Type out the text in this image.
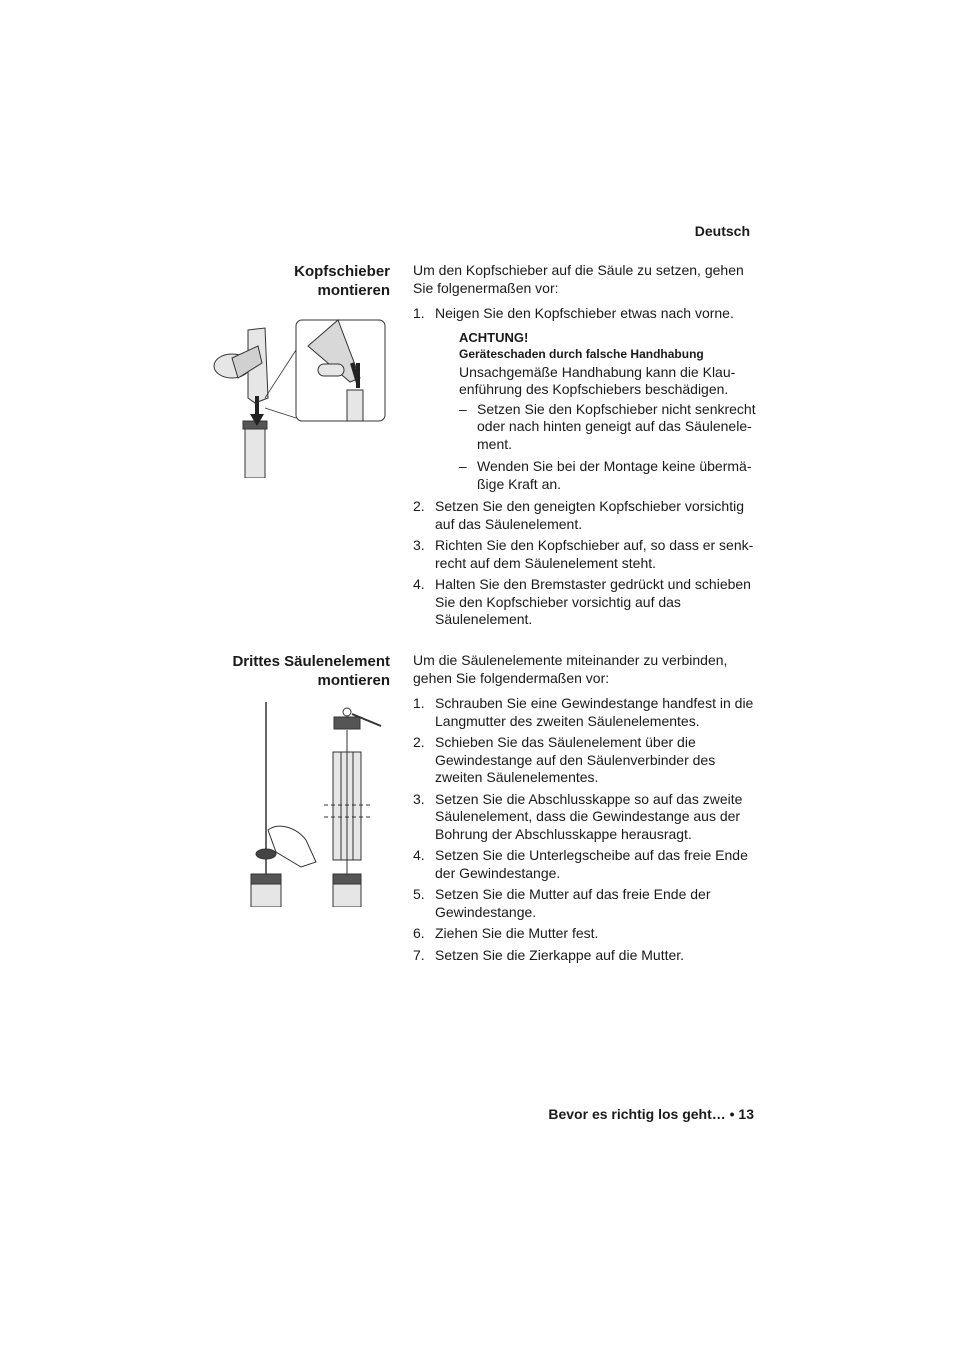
Deutsch
Kopfschieber
montieren

Um den Kopfschieber auf die Säule zu setzen, gehen Sie folgenermaßen vor:

1. Neigen Sie den Kopfschieber etwas nach vorne.
ACHTUNG!
Geräteschaden durch falsche Handhabung
Unsachgemäße Handhabung kann die Klauenführung des Kopfschiebers beschädigen.
– Setzen Sie den Kopfschieber nicht senkrecht oder nach hinten geneigt auf das Säulenelement.
– Wenden Sie bei der Montage keine übermäßige Kraft an.
2. Setzen Sie den geneigten Kopfschieber vorsichtig auf das Säulenelement.
3. Richten Sie den Kopfschieber auf, so dass er senkrecht auf dem Säulenelement steht.
4. Halten Sie den Bremstaster gedrückt und schieben Sie den Kopfschieber vorsichtig auf das Säulenelement.
Drittes Säulenelement
montieren

Um die Säulenelemente miteinander zu verbinden, gehen Sie folgendermaßen vor:

1. Schrauben Sie eine Gewindestange handfest in die Langmutter des zweiten Säulenelementes.
2. Schieben Sie das Säulenelement über die Gewindestange auf den Säulenverbinder des zweiten Säulenelementes.
3. Setzen Sie die Abschlusskappe so auf das zweite Säulenelement, dass die Gewindestange aus der Bohrung der Abschlusskappe herausragt.
4. Setzen Sie die Unterlegscheibe auf das freie Ende der Gewindestange.
5. Setzen Sie die Mutter auf das freie Ende der Gewindestange.
6. Ziehen Sie die Mutter fest.
7. Setzen Sie die Zierkappe auf die Mutter.
Bevor es richtig los geht… • 13
